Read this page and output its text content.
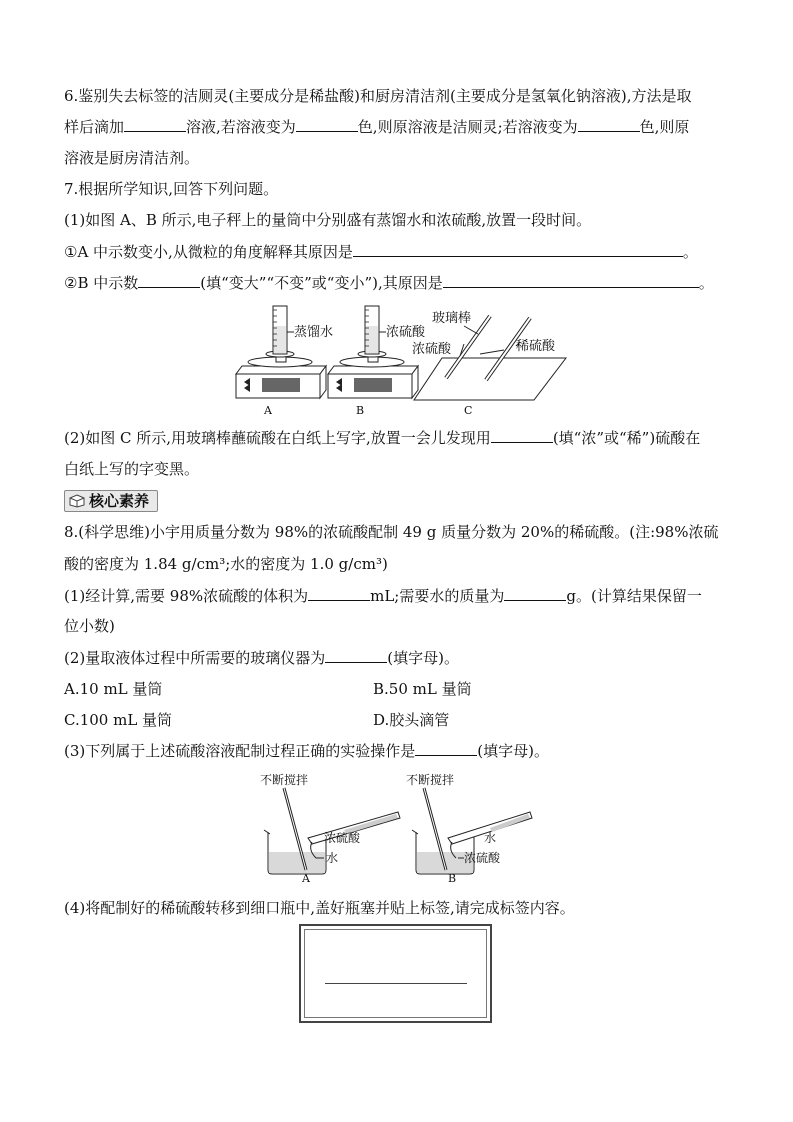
6.鉴别失去标签的洁厕灵(主要成分是稀盐酸)和厨房清洁剂(主要成分是氢氧化钠溶液),方法是取
样后滴加	溶液,若溶液变为	色,则原溶液是洁厕灵;若溶液变为	色,则原
溶液是厨房清洁剂。
7.根据所学知识,回答下列问题。
(1)如图 A、B 所示,电子秤上的量筒中分别盛有蒸馏水和浓硫酸,放置一段时间。
①A 中示数变小,从微粒的角度解释其原因是	。
②B 中示数	(填“变大”“不变”或“变小”),其原因是	。
蒸馏水
A
浓硫酸
B
玻璃棒
浓硫酸	稀硫酸
C
(2)如图 C 所示,用玻璃棒蘸硫酸在白纸上写字,放置一会儿发现用	(填“浓”或“稀”)硫酸在
白纸上写的字变黑。
核心素养
8.(科学思维)小宇用质量分数为 98%的浓硫酸配制 49 g 质量分数为 20%的稀硫酸。(注:98%浓硫
酸的密度为 1.84 g/cm³;水的密度为 1.0 g/cm³)
(1)经计算,需要 98%浓硫酸的体积为	mL;需要水的质量为	g。(计算结果保留一
位小数)
(2)量取液体过程中所需要的玻璃仪器为	(填字母)。
A.10 mL 量筒	B.50 mL 量筒
C.100 mL 量筒	D.胶头滴管
(3)下列属于上述硫酸溶液配制过程正确的实验操作是	(填字母)。
不断搅拌
浓硫酸
水
A
不断搅拌
水
浓硫酸
B
(4)将配制好的稀硫酸转移到细口瓶中,盖好瓶塞并贴上标签,请完成标签内容。
